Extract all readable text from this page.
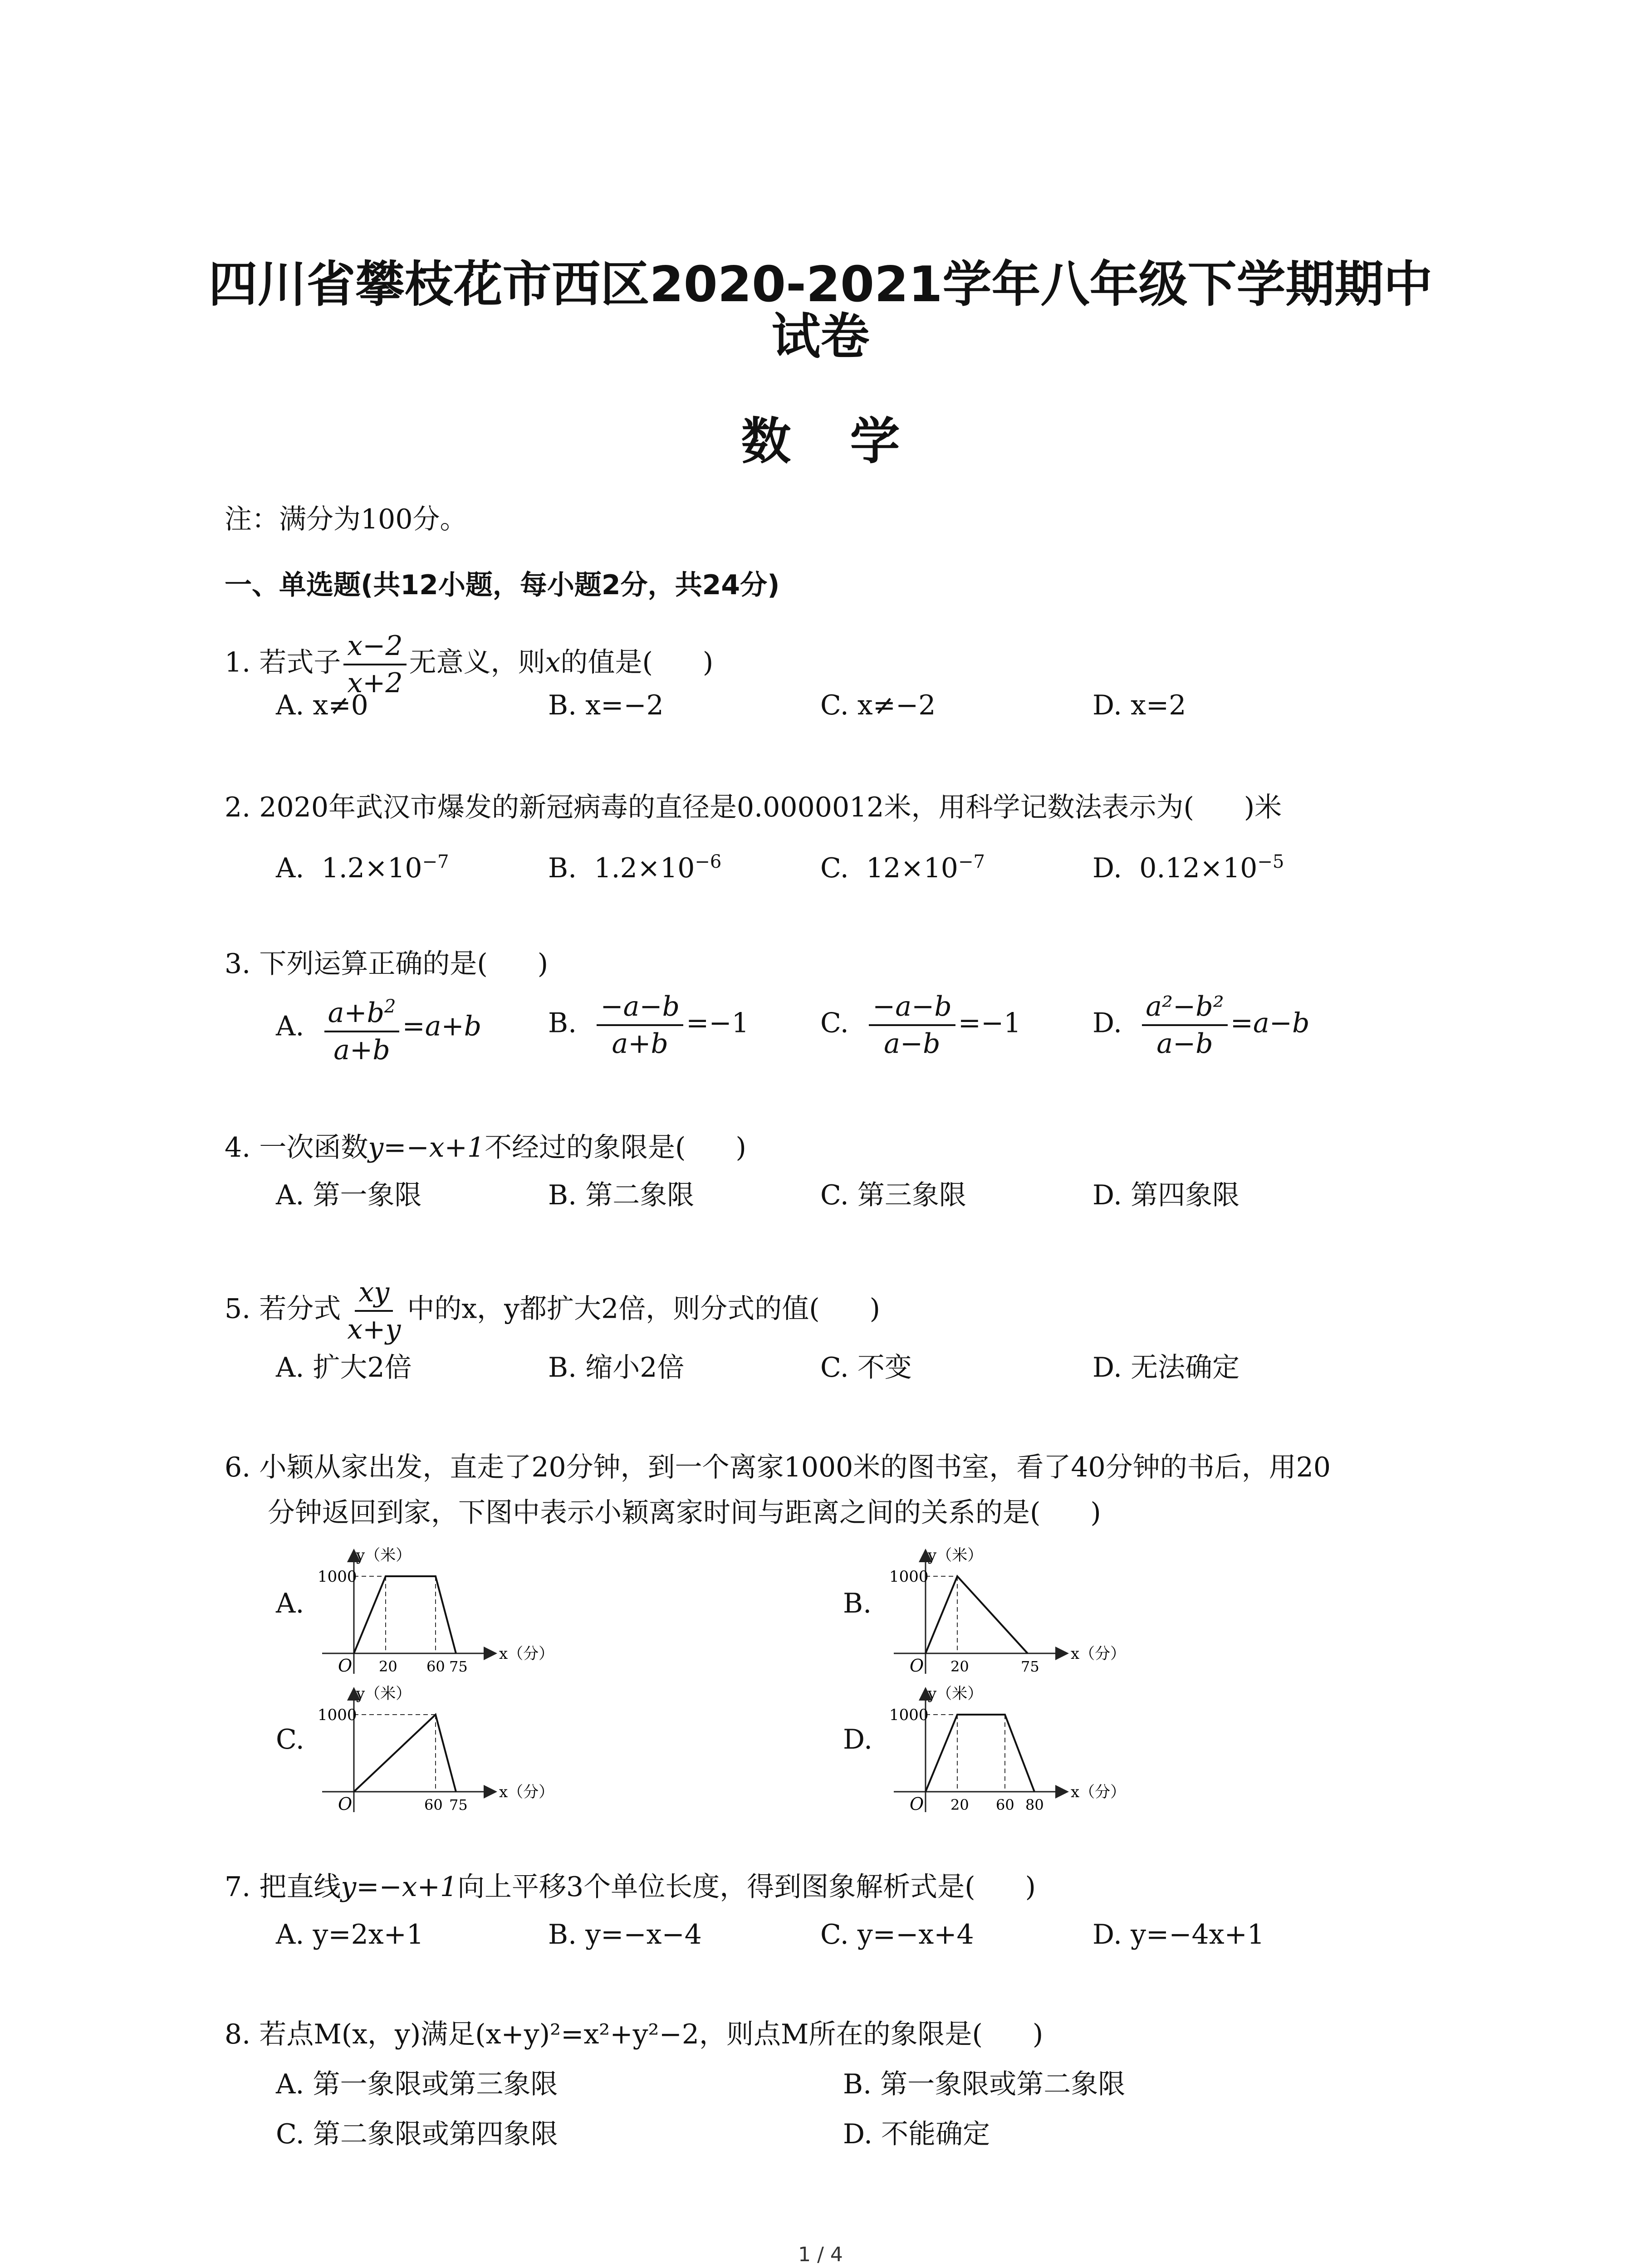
四川省攀枝花市西区2020-2021学年八年级下学期期中
试卷
数学
注：满分为100分。
一、单选题(共12小题，每小题2分，共24分)
1. 若式子 $\frac{x-2}{x+2}$ 无意义，则x的值是( )
A. x≠0	B. x=−2	C. x≠−2	D. x=2
2. 2020年武汉市爆发的新冠病毒的直径是0.0000012米，用科学记数法表示为( )米
A. $1.2\times 10^{-7}$	B. $1.2\times 10^{-6}$	C. $12\times 10^{-7}$	D. $0.12\times 10^{-5}$
3. 下列运算正确的是( )
A. $\frac{a+b^2}{a+b} =a+b$ B. $\frac{-a-b}{a+b} =-1$	C. $\frac{-a-b}{a-b} =-1$	D. $\frac{\text{a²−b²}}{a-b} =a-b$
4. 一次函数y=−x+1不经过的象限是( )
A. 第一象限	B. 第二象限	C. 第三象限	D. 第四象限
5. 若分式 $\frac{xy}{x+y}$ 中的x，y都扩大2倍，则分式的值( )
A. 扩大2倍	B. 缩小2倍	C. 不变	D. 无法确定
6. 小颖从家出发，直走了20分钟，到一个离家1000米的图书室，看了40分钟的书后，用20
分钟返回到家，下图中表示小颖离家时间与距离之间的关系的是( )
A.	B.
C.	D.
y（米）
x（分）
1000
O 20 60 75
y（米）
x（分）
1000
O 20	75
y（米）
x（分）
1000
O	60 75
y（米）
x（分）
1000
O 20 60 80
7. 把直线y=−x+1向上平移3个单位长度，得到图象解析式是( )
A. y=2x+1	B. y=−x−4	C. y=−x+4	D. y=−4x+1
8. 若点M(x，y)满足(x+y)²=x²+y²−2，则点M所在的象限是( )
A. 第一象限或第三象限	B. 第一象限或第二象限
C. 第二象限或第四象限	D. 不能确定
1 / 4
